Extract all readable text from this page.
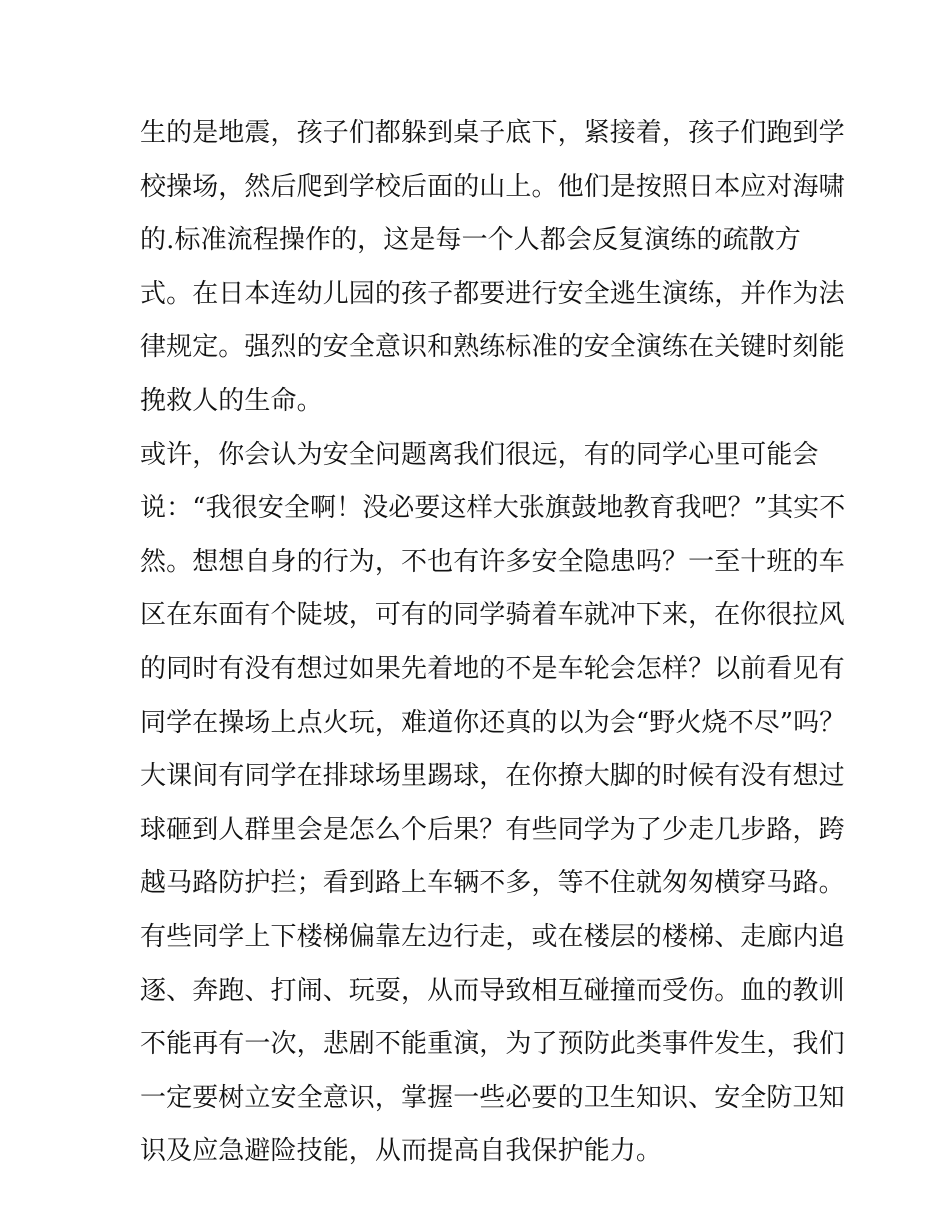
生的是地震，孩子们都躲到桌子底下，紧接着，孩子们跑到学
校操场，然后爬到学校后面的山上。他们是按照日本应对海啸
的.标准流程操作的，这是每一个人都会反复演练的疏散方
式。在日本连幼儿园的孩子都要进行安全逃生演练，并作为法
律规定。强烈的安全意识和熟练标准的安全演练在关键时刻能
挽救人的生命。
或许，你会认为安全问题离我们很远，有的同学心里可能会
说：“我很安全啊！没必要这样大张旗鼓地教育我吧？”其实不
然。想想自身的行为，不也有许多安全隐患吗？一至十班的车
区在东面有个陡坡，可有的同学骑着车就冲下来，在你很拉风
的同时有没有想过如果先着地的不是车轮会怎样？以前看见有
同学在操场上点火玩，难道你还真的以为会“野火烧不尽”吗？
大课间有同学在排球场里踢球，在你撩大脚的时候有没有想过
球砸到人群里会是怎么个后果？有些同学为了少走几步路，跨
越马路防护拦；看到路上车辆不多，等不住就匆匆横穿马路。
有些同学上下楼梯偏靠左边行走，或在楼层的楼梯、走廊内追
逐、奔跑、打闹、玩耍，从而导致相互碰撞而受伤。血的教训
不能再有一次，悲剧不能重演，为了预防此类事件发生，我们
一定要树立安全意识，掌握一些必要的卫生知识、安全防卫知
识及应急避险技能，从而提高自我保护能力。
